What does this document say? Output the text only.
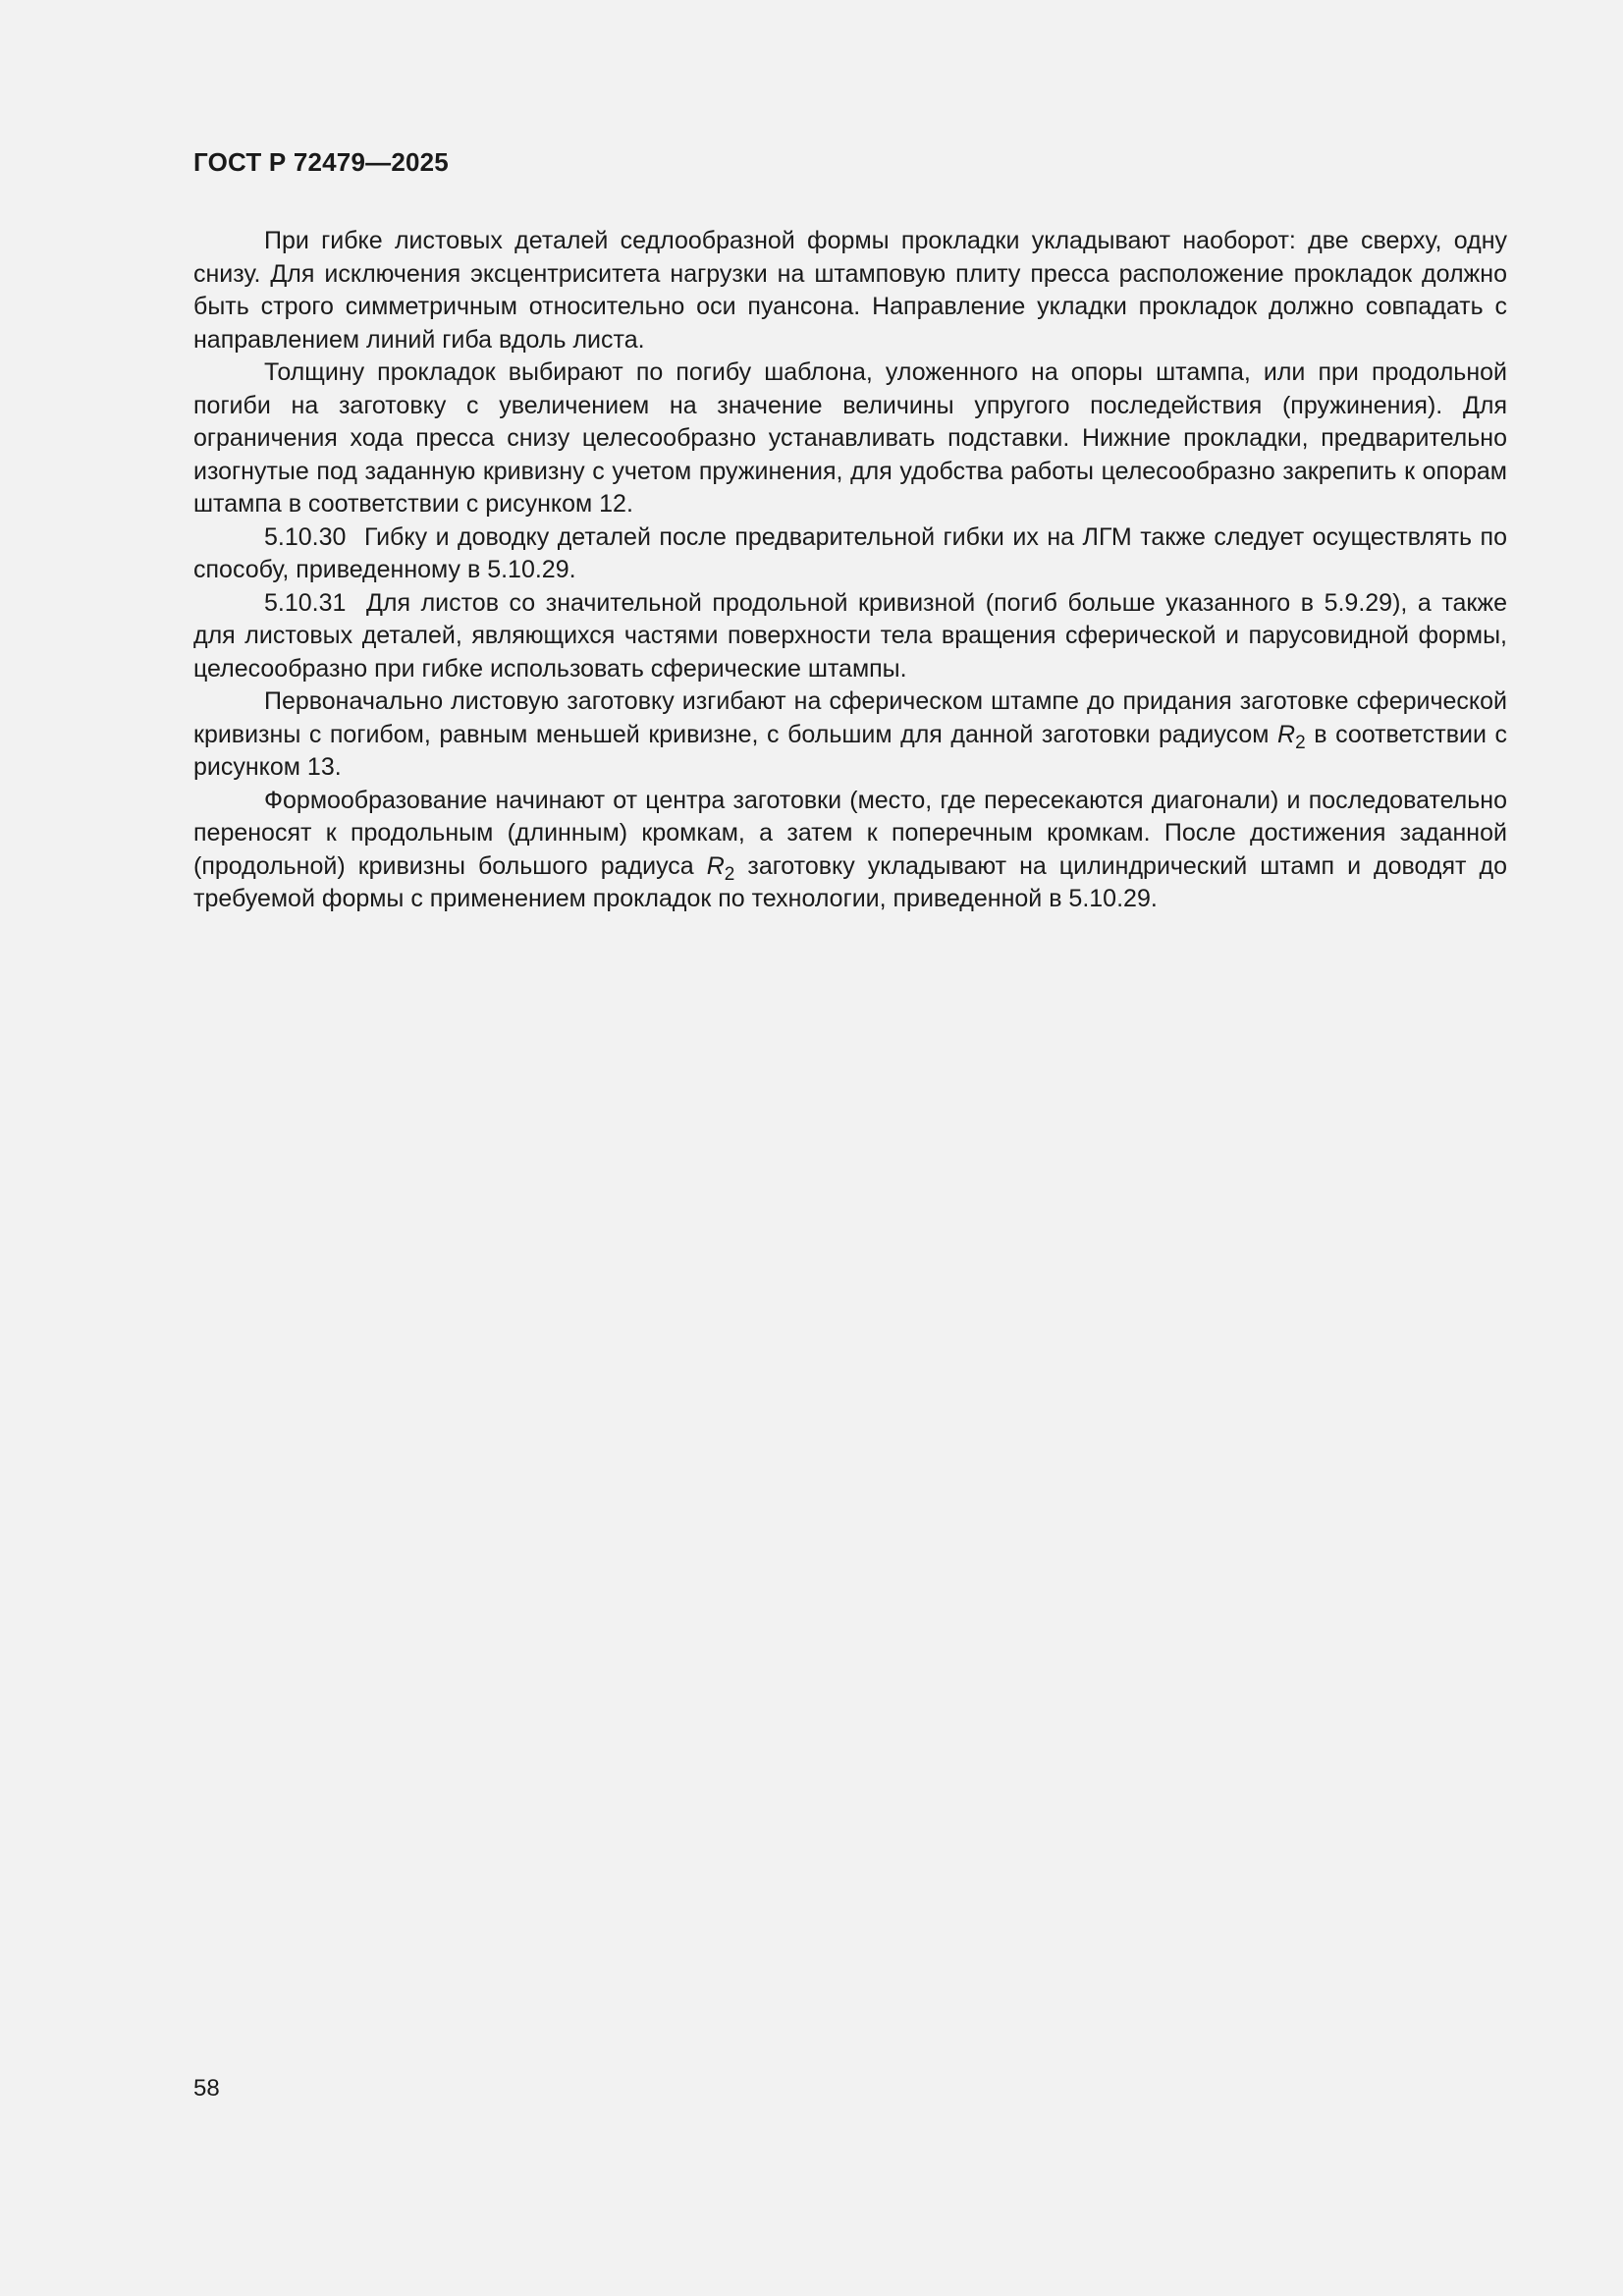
ГОСТ Р 72479—2025

При гибке листовых деталей седлообразной формы прокладки укладывают наоборот: две сверху, одну снизу. Для исключения эксцентриситета нагрузки на штамповую плиту пресса расположение прокладок должно быть строго симметричным относительно оси пуансона. Направление укладки прокладок должно совпадать с направлением линий гиба вдоль листа.

Толщину прокладок выбирают по погибу шаблона, уложенного на опоры штампа, или при продольной погиби на заготовку с увеличением на значение величины упругого последействия (пружинения). Для ограничения хода пресса снизу целесообразно устанавливать подставки. Нижние прокладки, предварительно изогнутые под заданную кривизну с учетом пружинения, для удобства работы целесообразно закрепить к опорам штампа в соответствии с рисунком 12.

5.10.30 Гибку и доводку деталей после предварительной гибки их на ЛГМ также следует осуществлять по способу, приведенному в 5.10.29.

5.10.31 Для листов со значительной продольной кривизной (погиб больше указанного в 5.9.29), а также для листовых деталей, являющихся частями поверхности тела вращения сферической и парусовидной формы, целесообразно при гибке использовать сферические штампы.

Первоначально листовую заготовку изгибают на сферическом штампе до придания заготовке сферической кривизны с погибом, равным меньшей кривизне, с большим для данной заготовки радиусом $R_2$ в соответствии с рисунком 13.

Формообразование начинают от центра заготовки (место, где пересекаются диагонали) и последовательно переносят к продольным (длинным) кромкам, а затем к поперечным кромкам. После достижения заданной (продольной) кривизны большого радиуса $R_2$ заготовку укладывают на цилиндрический штамп и доводят до требуемой формы с применением прокладок по технологии, приведенной в 5.10.29.

58
